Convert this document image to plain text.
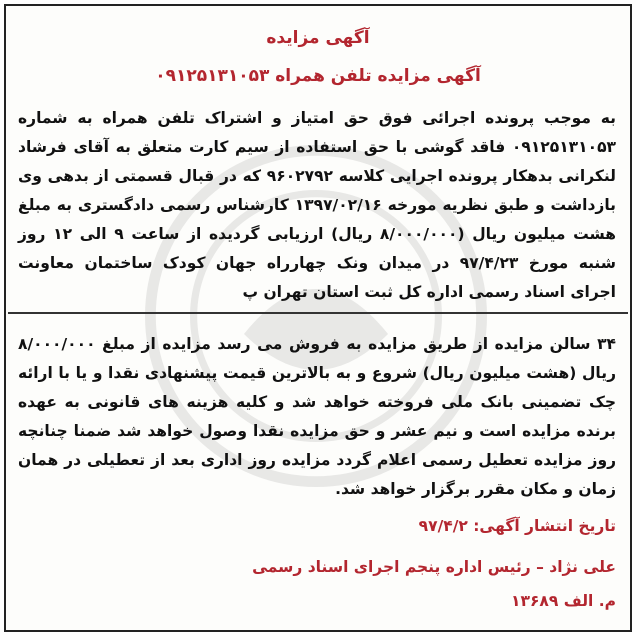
آگهی مزایده
آگهی مزایده تلفن همراه ۰۹۱۲۵۱۳۱۰۵۳
به موجب پرونده اجرائی فوق حق امتیاز و اشتراک تلفن همراه به شماره ۰۹۱۲۵۱۳۱۰۵۳ فاقد گوشی با حق استفاده از سیم کارت متعلق به آقای فرشاد لنکرانی بدهکار پرونده اجرایی کلاسه ۹۶۰۲۷۹۲ که در قبال قسمتی از بدهی وی بازداشت و طبق نظریه مورخه ۱۳۹۷/۰۲/۱۶ کارشناس رسمی دادگستری به مبلغ هشت میلیون ریال (۸/۰۰۰/۰۰۰ ریال) ارزیابی گردیده از ساعت ۹ الی ۱۲ روز شنبه مورخ ۹۷/۴/۲۳ در میدان ونک چهارراه جهان کودک ساختمان معاونت اجرای اسناد رسمی اداره کل ثبت استان تهران پ
۳۴ سالن مزایده از طریق مزایده به فروش می رسد مزایده از مبلغ ۸/۰۰۰/۰۰۰ ریال (هشت میلیون ریال) شروع و به بالاترین قیمت پیشنهادی نقدا و یا با ارائه چک تضمینی بانک ملی فروخته خواهد شد و کلیه هزینه های قانونی به عهده برنده مزایده است و نیم عشر و حق مزایده نقدا وصول خواهد شد ضمنا چنانچه روز مزایده تعطیل رسمی اعلام گردد مزایده روز اداری بعد از تعطیلی در همان زمان و مکان مقرر برگزار خواهد شد.
تاریخ انتشار آگهی: ۹۷/۴/۲
علی نژاد – رئیس اداره پنجم اجرای اسناد رسمی
م. الف ۱۳۶۸۹
